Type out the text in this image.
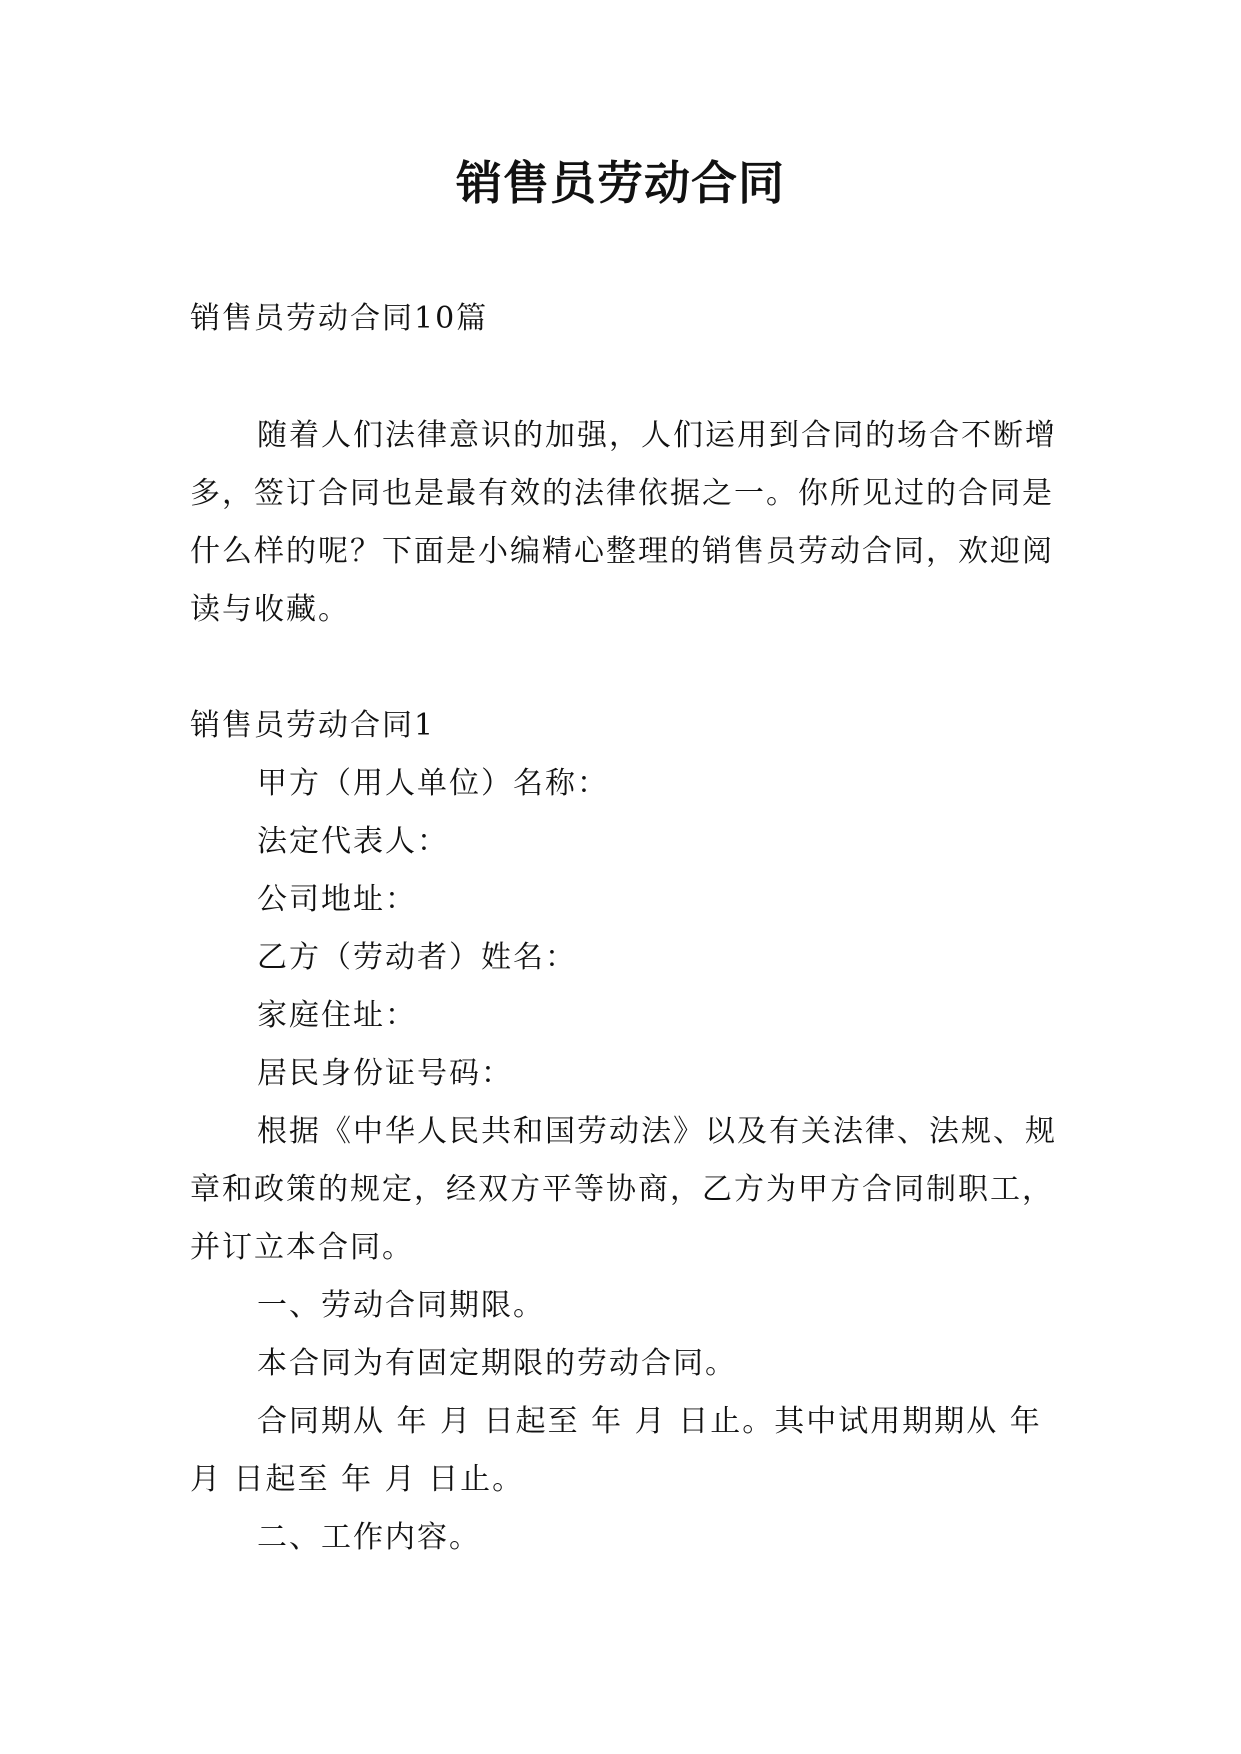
销售员劳动合同

销售员劳动合同10篇

随着人们法律意识的加强，人们运用到合同的场合不断增多，签订合同也是最有效的法律依据之一。你所见过的合同是什么样的呢？下面是小编精心整理的销售员劳动合同，欢迎阅读与收藏。

销售员劳动合同1

甲方（用人单位）名称：

法定代表人：

公司地址：

乙方（劳动者）姓名：

家庭住址：

居民身份证号码：

根据《中华人民共和国劳动法》以及有关法律、法规、规章和政策的规定，经双方平等协商，乙方为甲方合同制职工，并订立本合同。

一、劳动合同期限。

本合同为有固定期限的劳动合同。

合同期从 年 月 日起至 年 月 日止。其中试用期期从 年 月 日起至 年 月 日止。

二、工作内容。
